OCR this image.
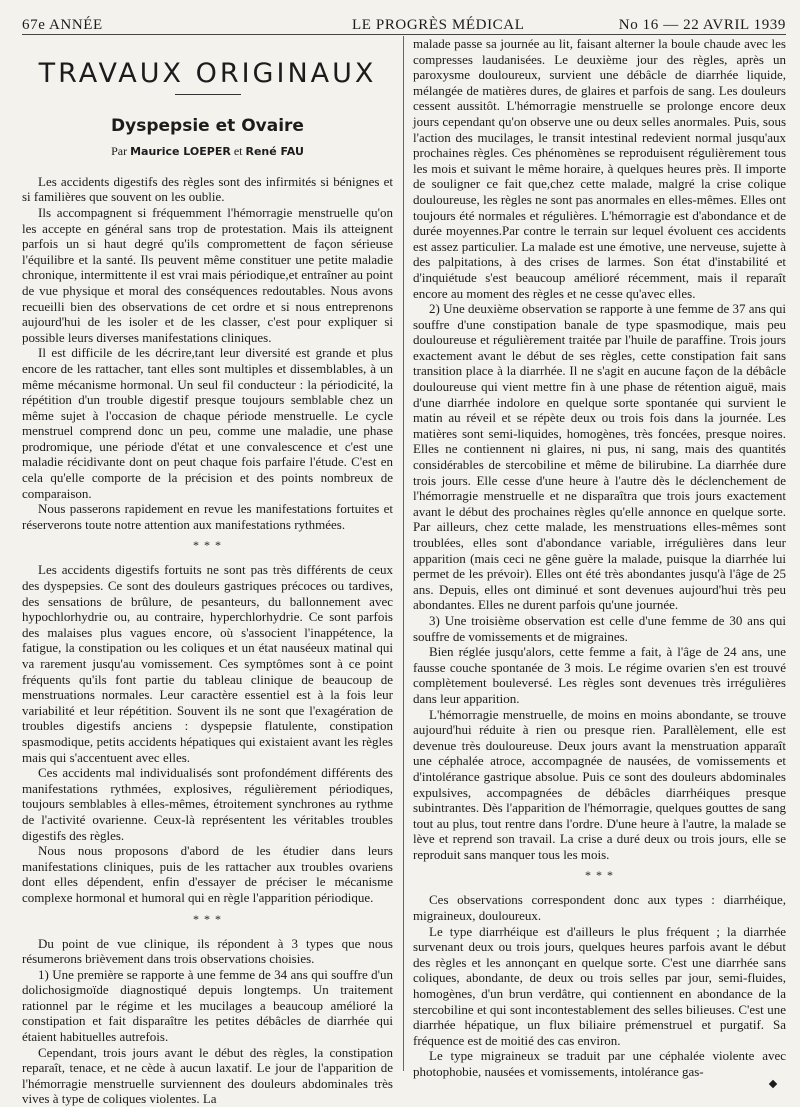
67e ANNÉE	LE PROGRÈS MÉDICAL	No 16 — 22 AVRIL 1939
TRAVAUX ORIGINAUX
Dyspepsie et Ovaire
Par Maurice LOEPER et René FAU

Les accidents digestifs des règles sont des infirmités si bénignes et si familières que souvent on les oublie.

Ils accompagnent si fréquemment l'hémorragie menstruelle qu'on les accepte en général sans trop de protestation. Mais ils atteignent parfois un si haut degré qu'ils compromettent de façon sérieuse l'équilibre et la santé. Ils peuvent même constituer une petite maladie chronique, intermittente il est vrai mais périodique,et entraîner au point de vue physique et moral des conséquences redoutables. Nous avons recueilli bien des observations de cet ordre et si nous entreprenons aujourd'hui de les isoler et de les classer, c'est pour expliquer si possible leurs diverses manifestations cliniques.

Il est difficile de les décrire,tant leur diversité est grande et plus encore de les rattacher, tant elles sont multiples et dissemblables, à un même mécanisme hormonal. Un seul fil conducteur : la périodicité, la répétition d'un trouble digestif presque toujours semblable chez un même sujet à l'occasion de chaque période menstruelle. Le cycle menstruel comprend donc un peu, comme une maladie, une phase prodromique, une période d'état et une convalescence et c'est une maladie récidivante dont on peut chaque fois parfaire l'étude. C'est en cela qu'elle comporte de la précision et des points nombreux de comparaison.

Nous passerons rapidement en revue les manifestations fortuites et réserverons toute notre attention aux manifestations rythmées.

* * *

Les accidents digestifs fortuits ne sont pas très différents de ceux des dyspepsies. Ce sont des douleurs gastriques précoces ou tardives, des sensations de brûlure, de pesanteurs, du ballonnement avec hypochlorhydrie ou, au contraire, hyperchlorhydrie. Ce sont parfois des malaises plus vagues encore, où s'associent l'inappétence, la fatigue, la constipation ou les coliques et un état nauséeux matinal qui va rarement jusqu'au vomissement. Ces symptômes sont à ce point fréquents qu'ils font partie du tableau clinique de beaucoup de menstruations normales. Leur caractère essentiel est à la fois leur variabilité et leur répétition. Souvent ils ne sont que l'exagération de troubles digestifs anciens : dyspepsie flatulente, constipation spasmodique, petits accidents hépatiques qui existaient avant les règles mais qui s'accentuent avec elles.

Ces accidents mal individualisés sont profondément différents des manifestations rythmées, explosives, régulièrement périodiques, toujours semblables à elles-mêmes, étroitement synchrones au rythme de l'activité ovarienne. Ceux-là représentent les véritables troubles digestifs des règles.

Nous nous proposons d'abord de les étudier dans leurs manifestations cliniques, puis de les rattacher aux troubles ovariens dont elles dépendent, enfin d'essayer de préciser le mécanisme complexe hormonal et humoral qui en règle l'apparition périodique.

* * *

Du point de vue clinique, ils répondent à 3 types que nous résumerons brièvement dans trois observations choisies.

1) Une première se rapporte à une femme de 34 ans qui souffre d'un dolichosigmoïde diagnostiqué depuis longtemps. Un traitement rationnel par le régime et les mucilages a beaucoup amélioré la constipation et fait disparaître les petites débâcles de diarrhée qui étaient habituelles autrefois.

Cependant, trois jours avant le début des règles, la constipation reparaît, tenace, et ne cède à aucun laxatif. Le jour de l'apparition de l'hémorragie menstruelle surviennent des douleurs abdominales très vives à type de coliques violentes. La

malade passe sa journée au lit, faisant alterner la boule chaude avec les compresses laudanisées. Le deuxième jour des règles, après un paroxysme douloureux, survient une débâcle de diarrhée liquide, mélangée de matières dures, de glaires et parfois de sang. Les douleurs cessent aussitôt. L'hémorragie menstruelle se prolonge encore deux jours cependant qu'on observe une ou deux selles anormales. Puis, sous l'action des mucilages, le transit intestinal redevient normal jusqu'aux prochaines règles. Ces phénomènes se reproduisent régulièrement tous les mois et suivant le même horaire, à quelques heures près. Il importe de souligner ce fait que,chez cette malade, malgré la crise colique douloureuse, les règles ne sont pas anormales en elles-mêmes. Elles ont toujours été normales et régulières. L'hémorragie est d'abondance et de durée moyennes.Par contre le terrain sur lequel évoluent ces accidents est assez particulier. La malade est une émotive, une nerveuse, sujette à des palpitations, à des crises de larmes. Son état d'instabilité et d'inquiétude s'est beaucoup amélioré récemment, mais il reparaît encore au moment des règles et ne cesse qu'avec elles.

2) Une deuxième observation se rapporte à une femme de 37 ans qui souffre d'une constipation banale de type spasmodique, mais peu douloureuse et régulièrement traitée par l'huile de paraffine. Trois jours exactement avant le début de ses règles, cette constipation fait sans transition place à la diarrhée. Il ne s'agit en aucune façon de la débâcle douloureuse qui vient mettre fin à une phase de rétention aiguë, mais d'une diarrhée indolore en quelque sorte spontanée qui survient le matin au réveil et se répète deux ou trois fois dans la journée. Les matières sont semi-liquides, homogènes, très foncées, presque noires. Elles ne contiennent ni glaires, ni pus, ni sang, mais des quantités considérables de stercobiline et même de bilirubine. La diarrhée dure trois jours. Elle cesse d'une heure à l'autre dès le déclenchement de l'hémorragie menstruelle et ne disparaîtra que trois jours exactement avant le début des prochaines règles qu'elle annonce en quelque sorte. Par ailleurs, chez cette malade, les menstruations elles-mêmes sont troublées, elles sont d'abondance variable, irrégulières dans leur apparition (mais ceci ne gêne guère la malade, puisque la diarrhée lui permet de les prévoir). Elles ont été très abondantes jusqu'à l'âge de 25 ans. Depuis, elles ont diminué et sont devenues aujourd'hui très peu abondantes. Elles ne durent parfois qu'une journée.

3) Une troisième observation est celle d'une femme de 30 ans qui souffre de vomissements et de migraines.

Bien réglée jusqu'alors, cette femme a fait, à l'âge de 24 ans, une fausse couche spontanée de 3 mois. Le régime ovarien s'en est trouvé complètement bouleversé. Les règles sont devenues très irrégulières dans leur apparition.

L'hémorragie menstruelle, de moins en moins abondante, se trouve aujourd'hui réduite à rien ou presque rien. Parallèlement, elle est devenue très douloureuse. Deux jours avant la menstruation apparaît une céphalée atroce, accompagnée de nausées, de vomissements et d'intolérance gastrique absolue. Puis ce sont des douleurs abdominales expulsives, accompagnées de débâcles diarrhéiques presque subintrantes. Dès l'apparition de l'hémorragie, quelques gouttes de sang tout au plus, tout rentre dans l'ordre. D'une heure à l'autre, la malade se lève et reprend son travail. La crise a duré deux ou trois jours, elle se reproduit sans manquer tous les mois.

* * *

Ces observations correspondent donc aux types : diarrhéique, migraineux, douloureux.

Le type diarrhéique est d'ailleurs le plus fréquent ; la diarrhée survenant deux ou trois jours, quelques heures parfois avant le début des règles et les annonçant en quelque sorte. C'est une diarrhée sans coliques, abondante, de deux ou trois selles par jour, semi-fluides, homogènes, d'un brun verdâtre, qui contiennent en abondance de la stercobiline et qui sont incontestablement des selles bilieuses. C'est une diarrhée hépatique, un flux biliaire prémenstruel et purgatif. Sa fréquence est de moitié des cas environ.

Le type migraineux se traduit par une céphalée violente avec photophobie, nausées et vomissements, intolérance gas-
